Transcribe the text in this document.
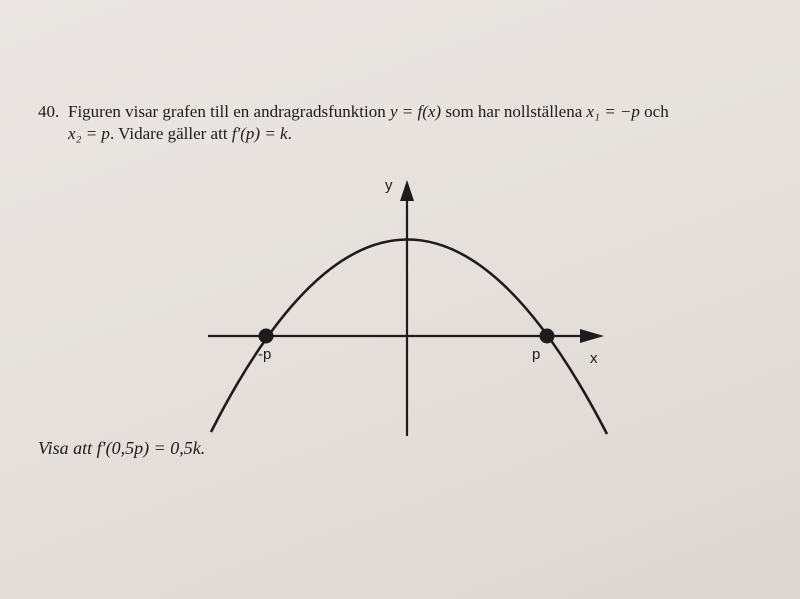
40. Figuren visar grafen till en andragradsfunktion y = f(x) som har nollställena x₁ = −p och
x₂ = p. Vidare gäller att f′(p) = k.
y
x
-p	p
Visa att f′(0,5p) = 0,5k.
